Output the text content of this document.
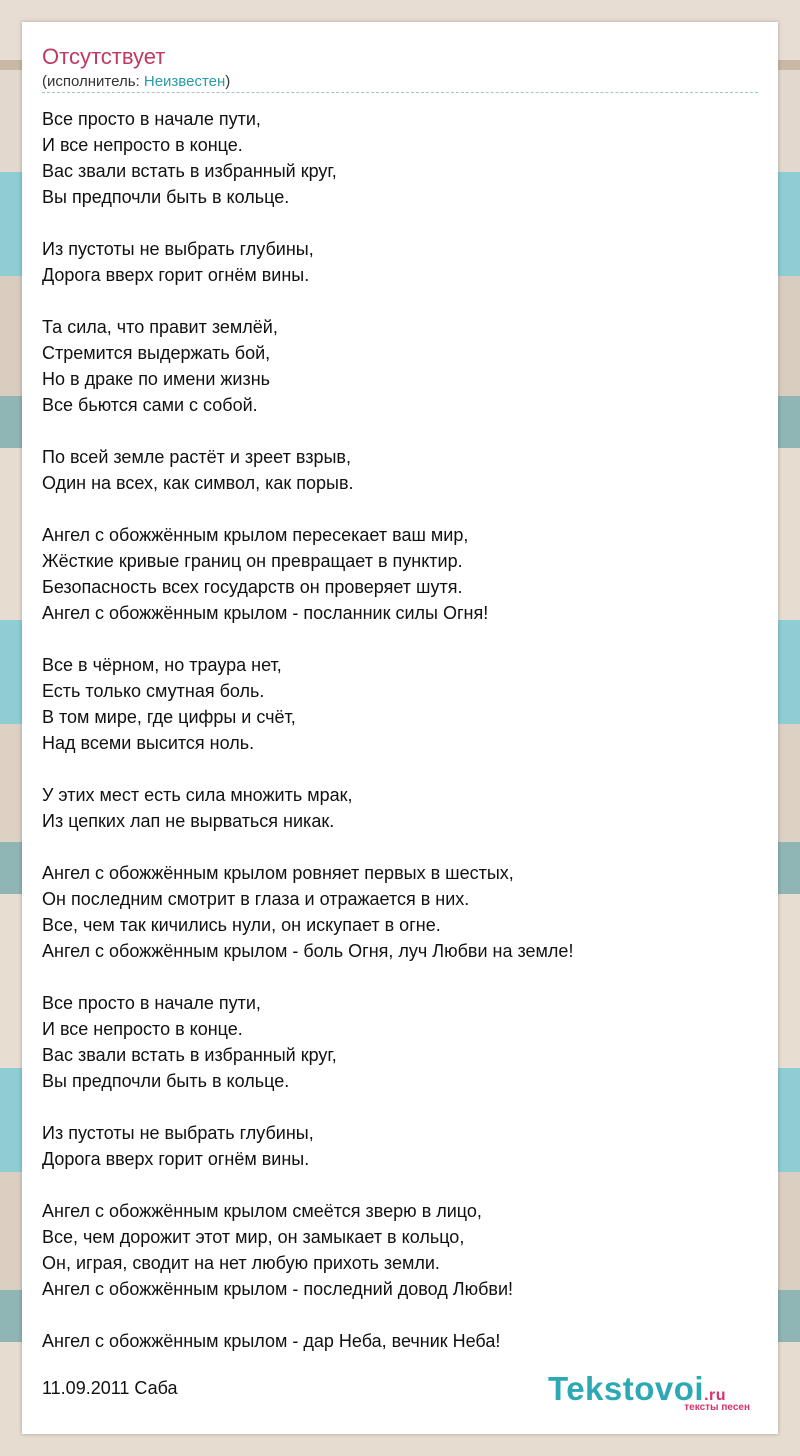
Отсутствует
(исполнитель: Неизвестен)
Все просто в начале пути,
И все непросто в конце.
Вас звали встать в избранный круг,
Вы предпочли быть в кольце.
Из пустоты не выбрать глубины,
Дорога вверх горит огнём вины.
Та сила, что правит землёй,
Стремится выдержать бой,
Но в драке по имени жизнь
Все бьются сами с собой.
По всей земле растёт и зреет взрыв,
Один на всех, как символ, как порыв.
Ангел с обожжённым крылом пересекает ваш мир,
Жёсткие кривые границ он превращает в пунктир.
Безопасность всех государств он проверяет шутя.
Ангел с обожжённым крылом - посланник силы Огня!
Все в чёрном, но траура нет,
Есть только смутная боль.
В том мире, где цифры и счёт,
Над всеми высится ноль.
У этих мест есть сила множить мрак,
Из цепких лап не вырваться никак.
Ангел с обожжённым крылом ровняет первых в шестых,
Он последним смотрит в глаза и отражается в них.
Все, чем так кичились нули, он искупает в огне.
Ангел с обожжённым крылом - боль Огня, луч Любви на земле!
Все просто в начале пути,
И все непросто в конце.
Вас звали встать в избранный круг,
Вы предпочли быть в кольце.
Из пустоты не выбрать глубины,
Дорога вверх горит огнём вины.
Ангел с обожжённым крылом смеётся зверю в лицо,
Все, чем дорожит этот мир, он замыкает в кольцо,
Он, играя, сводит на нет любую прихоть земли.
Ангел с обожжённым крылом - последний довод Любви!
Ангел с обожжённым крылом - дар Неба, вечник Неба!
11.09.2011 Саба	Tekstovoi.ru
тексты песен
